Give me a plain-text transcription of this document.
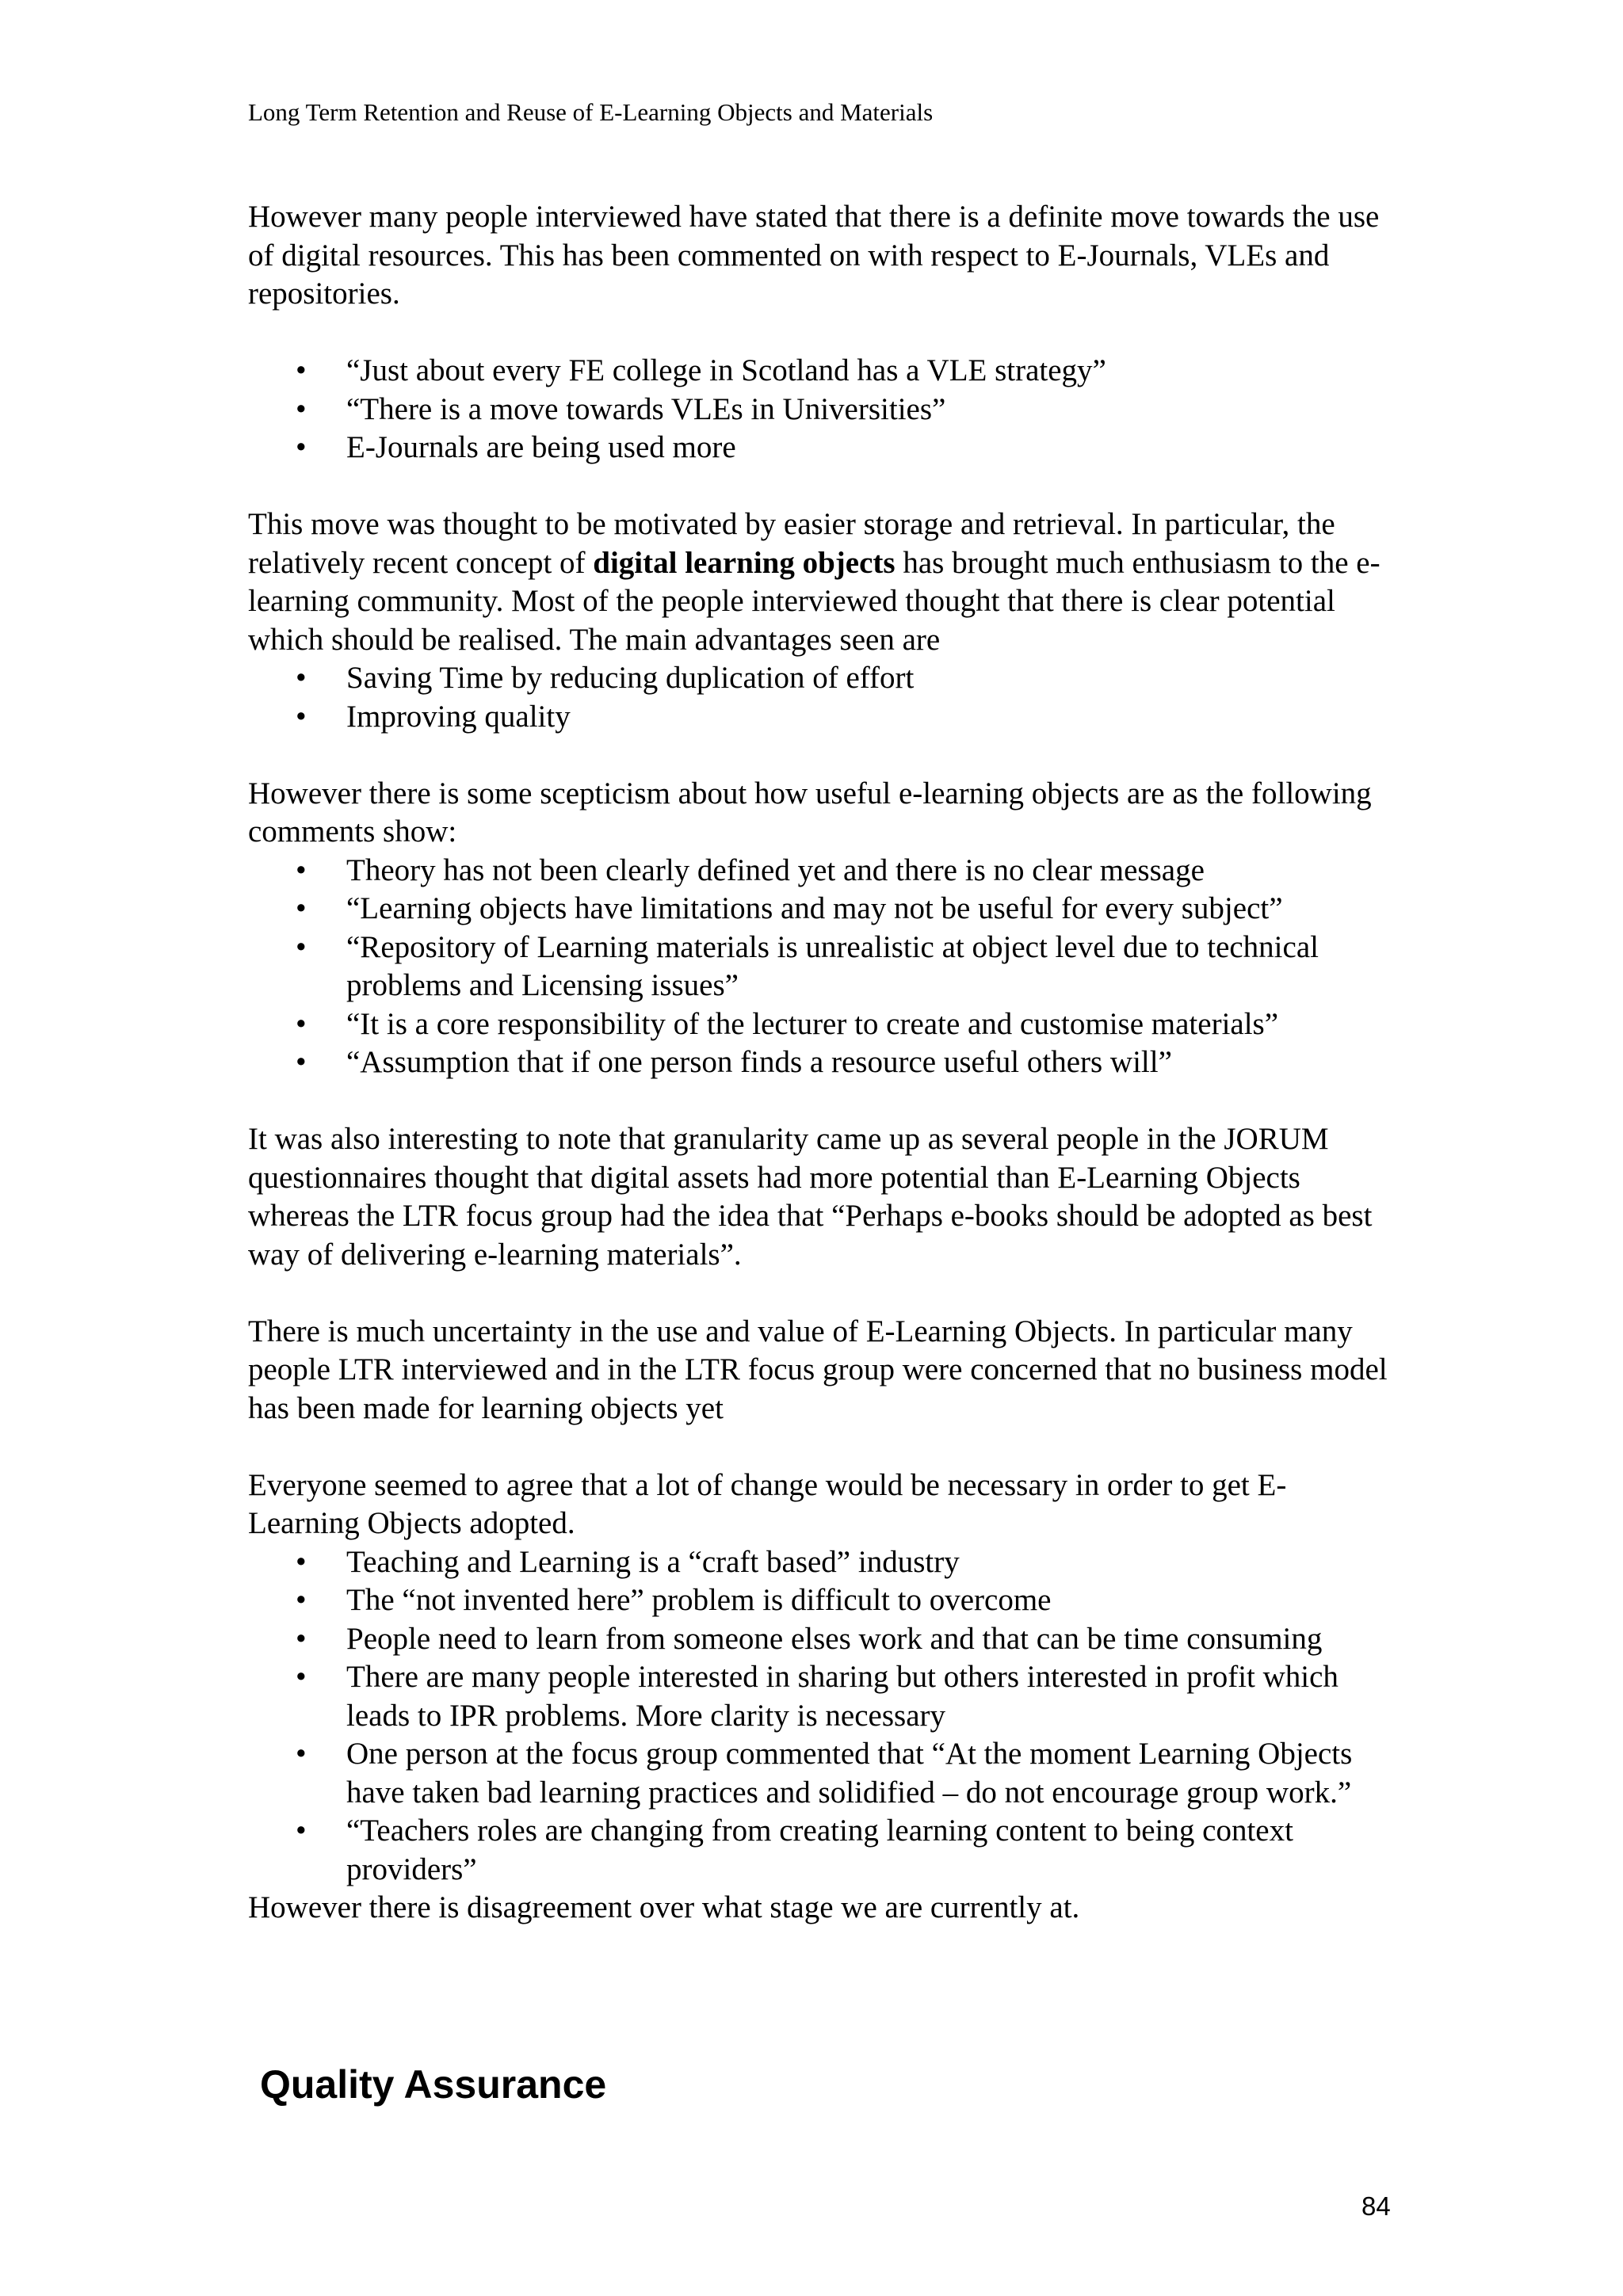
Long Term Retention and Reuse of E-Learning Objects and Materials

However many people interviewed have stated that there is a definite move towards the use of digital resources. This has been commented on with respect to E-Journals, VLEs and repositories.

• “Just about every FE college in Scotland has a VLE strategy”
• “There is a move towards VLEs in Universities”
• E-Journals are being used more

This move was thought to be motivated by easier storage and retrieval. In particular, the relatively recent concept of digital learning objects has brought much enthusiasm to the e-learning community. Most of the people interviewed thought that there is clear potential which should be realised. The main advantages seen are

• Saving Time by reducing duplication of effort
• Improving quality

However there is some scepticism about how useful e-learning objects are as the following comments show:

• Theory has not been clearly defined yet and there is no clear message
• “Learning objects have limitations and may not be useful for every subject”
• “Repository of Learning materials is unrealistic at object level due to technical problems and Licensing issues”
• “It is a core responsibility of the lecturer to create and customise materials”
• “Assumption that if one person finds a resource useful others will”

It was also interesting to note that granularity came up as several people in the JORUM questionnaires thought that digital assets had more potential than E-Learning Objects whereas the LTR focus group had the idea that “Perhaps e-books should be adopted as best way of delivering e-learning materials”.

There is much uncertainty in the use and value of E-Learning Objects. In particular many people LTR interviewed and in the LTR focus group were concerned that no business model has been made for learning objects yet

Everyone seemed to agree that a lot of change would be necessary in order to get E-Learning Objects adopted.

• Teaching and Learning is a “craft based” industry
• The “not invented here” problem is difficult to overcome
• People need to learn from someone elses work and that can be time consuming
• There are many people interested in sharing but others interested in profit which leads to IPR problems. More clarity is necessary
• One person at the focus group commented that “At the moment Learning Objects have taken bad learning practices and solidified – do not encourage group work.”
• “Teachers roles are changing from creating learning content to being context providers”

However there is disagreement over what stage we are currently at.

Quality Assurance
84
